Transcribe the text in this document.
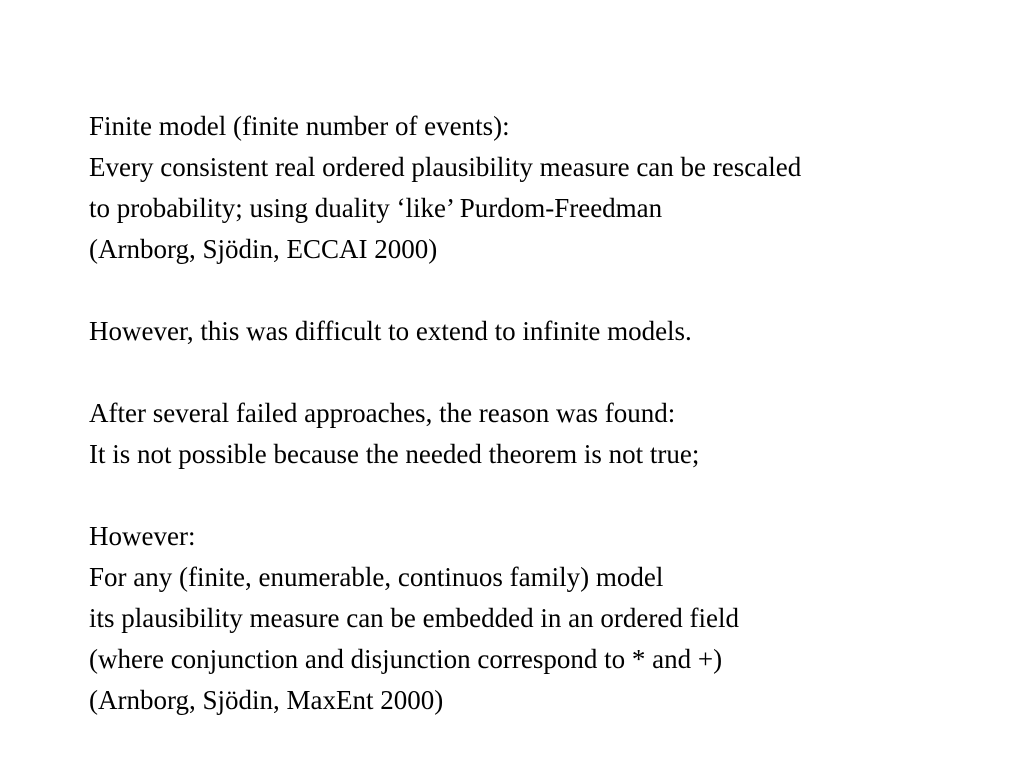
Finite model (finite number of events):
Every consistent real ordered plausibility measure can be rescaled
to probability; using duality ‘like’ Purdom-Freedman
(Arnborg, Sjödin, ECCAI 2000)
However, this was difficult to extend to infinite models.
After several failed approaches, the reason was found:
It is not possible because the needed theorem is not true;
However:
For any (finite, enumerable, continuos family) model
its plausibility measure can be embedded in an ordered field
(where conjunction and disjunction correspond to * and +)
(Arnborg, Sjödin, MaxEnt 2000)
